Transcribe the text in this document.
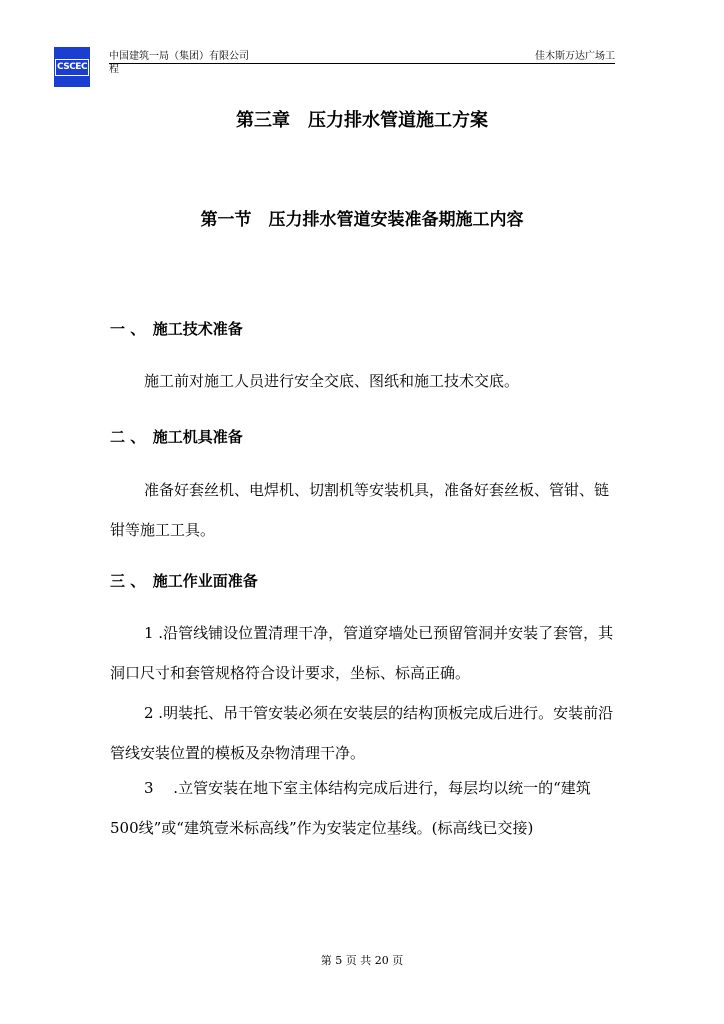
CSCEC
中国建筑一局（集团）有限公司
程
佳木斯万达广场工
第三章　压力排水管道施工方案
第一节　压力排水管道安装准备期施工内容
一 、　施工技术准备

施工前对施工人员进行安全交底、图纸和施工技术交底。

二 、　施工机具准备

准备好套丝机、电焊机、切割机等安装机具，准备好套丝板、管钳、链钳等施工工具。

三 、　施工作业面准备

1 .沿管线铺设位置清理干净，管道穿墙处已预留管洞并安装了套管，其洞口尺寸和套管规格符合设计要求，坐标、标高正确。

2 .明装托、吊干管安装必须在安装层的结构顶板完成后进行。安装前沿管线安装位置的模板及杂物清理干净。

3　 .立管安装在地下室主体结构完成后进行，每层均以统一的“建筑500线”或“建筑壹米标高线”作为安装定位基线。(标高线已交接)

第 5 页 共 20 页
